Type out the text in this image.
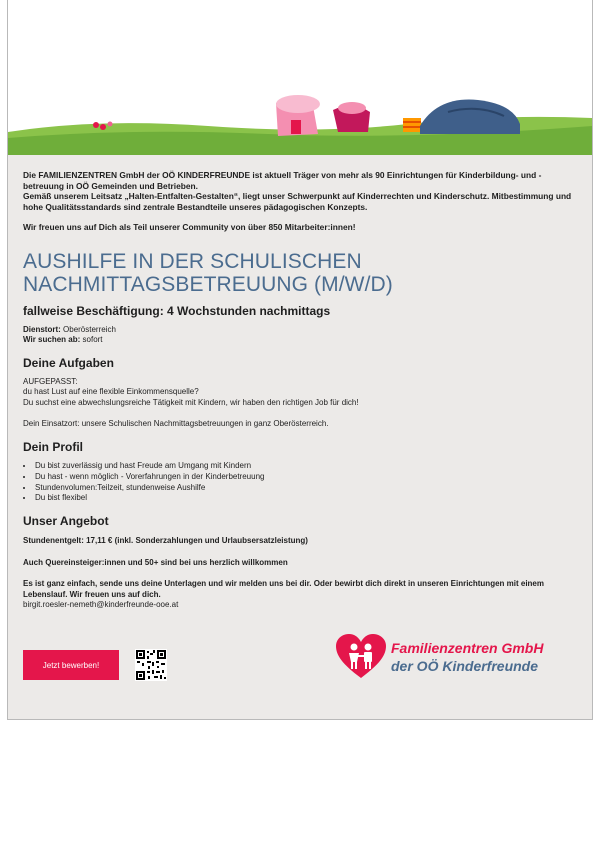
Die FAMILIENZENTREN GmbH der OÖ KINDERFREUNDE ist aktuell Träger von mehr als 90 Einrichtungen für Kinderbildung- und -betreuung in OÖ Gemeinden und Betrieben.

Gemäß unserem Leitsatz „Halten-Entfalten-Gestalten“, liegt unser Schwerpunkt auf Kinderrechten und Kinderschutz. Mitbestimmung und hohe Qualitätsstandards sind zentrale Bestandteile unseres pädagogischen Konzepts.

Wir freuen uns auf Dich als Teil unserer Community von über 850 Mitarbeiter:innen!

AUSHILFE IN DER SCHULISCHEN
NACHMITTAGSBETREUUNG (M/W/D)

fallweise Beschäftigung: 4 Wochstunden nachmittags

Dienstort: Oberösterreich
Wir suchen ab: sofort
Deine Aufgaben
AUFGEPASST:
du hast Lust auf eine flexible Einkommensquelle?
Du suchst eine abwechslungsreiche Tätigkeit mit Kindern, wir haben den richtigen Job für dich!
Dein Einsatzort: unsere Schulischen Nachmittagsbetreuungen in ganz Oberösterreich.
Dein Profil
• Du bist zuverlässig und hast Freude am Umgang mit Kindern
• Du hast - wenn möglich - Vorerfahrungen in der Kinderbetreuung
• Stundenvolumen:Teilzeit, stundenweise Aushilfe
• Du bist flexibel
Unser Angebot

Stundenentgelt: 17,11 € (inkl. Sonderzahlungen und Urlaubsersatzleistung)

Auch Quereinsteiger:innen und 50+ sind bei uns herzlich willkommen

Es ist ganz einfach, sende uns deine Unterlagen und wir melden uns bei dir. Oder bewirbt dich direkt in unseren Einrichtungen mit einem Lebenslauf. Wir freuen uns auf dich.

birgit.roesler-nemeth@kinderfreunde-ooe.at

Jetzt bewerben!
Familienzentren GmbH
der OÖ Kinderfreunde
